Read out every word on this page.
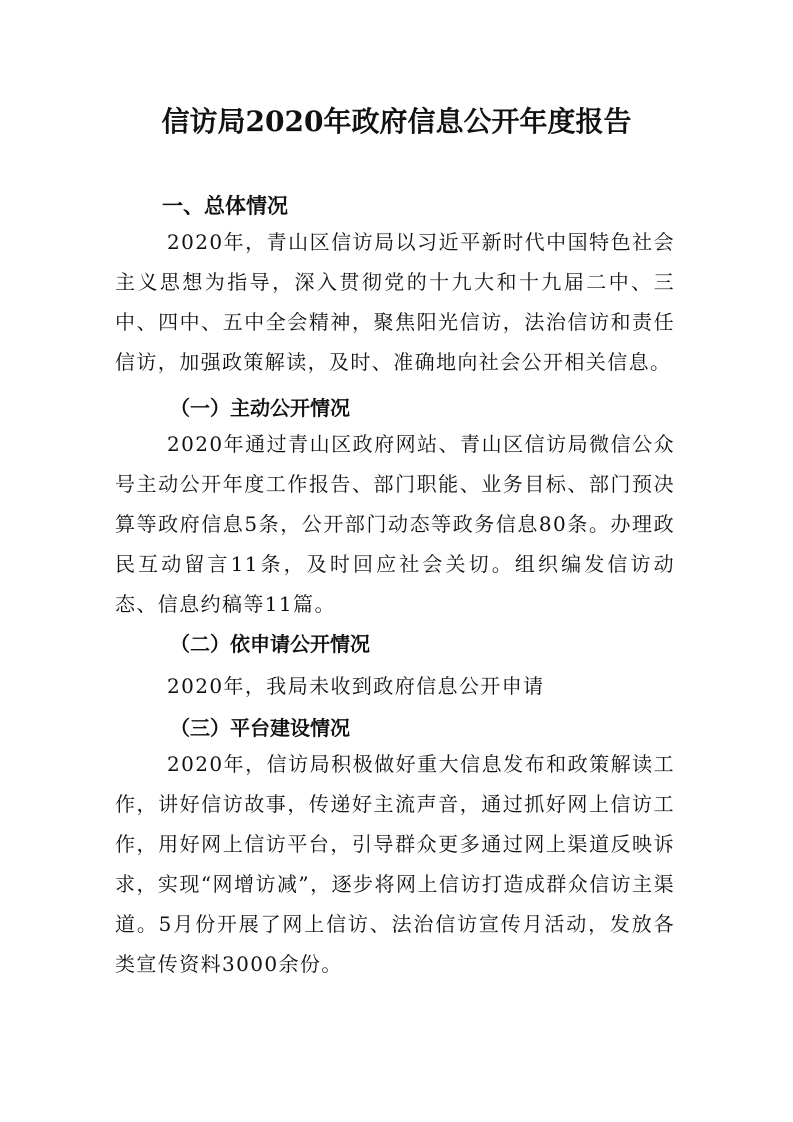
信访局2020年政府信息公开年度报告
一、总体情况
2020年，青山区信访局以习近平新时代中国特色社会主义思想为指导，深入贯彻党的十九大和十九届二中、三中、四中、五中全会精神，聚焦阳光信访，法治信访和责任信访，加强政策解读，及时、准确地向社会公开相关信息。
（一）主动公开情况
2020年通过青山区政府网站、青山区信访局微信公众号主动公开年度工作报告、部门职能、业务目标、部门预决算等政府信息5条，公开部门动态等政务信息80条。办理政民互动留言11条，及时回应社会关切。组织编发信访动态、信息约稿等11篇。
（二）依申请公开情况
2020年，我局未收到政府信息公开申请
（三）平台建设情况
2020年，信访局积极做好重大信息发布和政策解读工作，讲好信访故事，传递好主流声音，通过抓好网上信访工作，用好网上信访平台，引导群众更多通过网上渠道反映诉求，实现“网增访减”，逐步将网上信访打造成群众信访主渠道。5月份开展了网上信访、法治信访宣传月活动，发放各类宣传资料3000余份。
